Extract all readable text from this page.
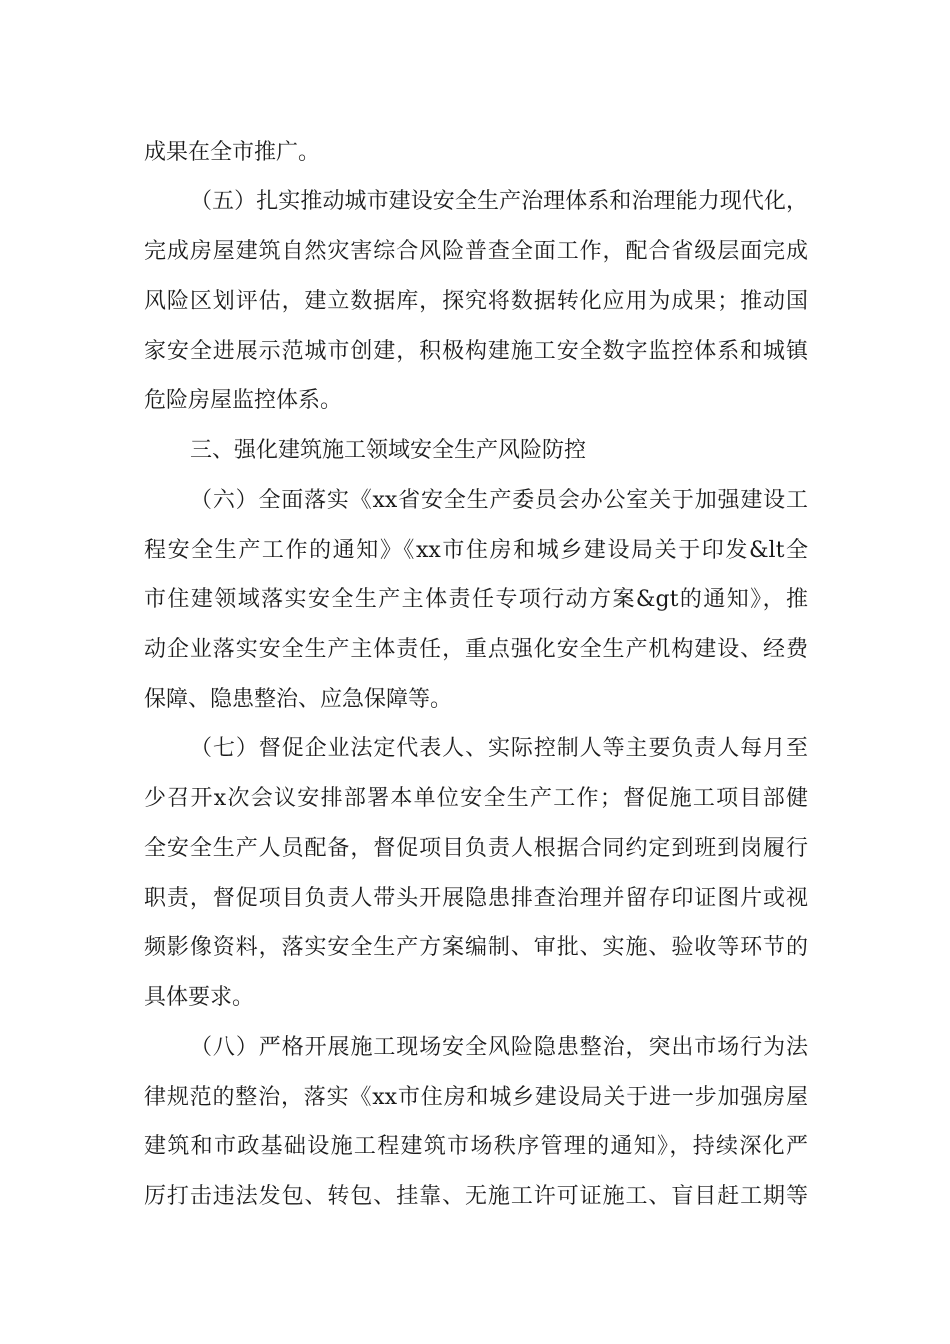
成果在全市推广。
（五）扎实推动城市建设安全生产治理体系和治理能力现代化，
完成房屋建筑自然灾害综合风险普查全面工作，配合省级层面完成
风险区划评估，建立数据库，探究将数据转化应用为成果；推动国
家安全进展示范城市创建，积极构建施工安全数字监控体系和城镇
危险房屋监控体系。
三、强化建筑施工领域安全生产风险防控
（六）全面落实《xx省安全生产委员会办公室关于加强建设工
程安全生产工作的通知》《xx市住房和城乡建设局关于印发&lt全
市住建领域落实安全生产主体责任专项行动方案&gt的通知》，推
动企业落实安全生产主体责任，重点强化安全生产机构建设、经费
保障、隐患整治、应急保障等。
（七）督促企业法定代表人、实际控制人等主要负责人每月至
少召开x次会议安排部署本单位安全生产工作；督促施工项目部健
全安全生产人员配备，督促项目负责人根据合同约定到班到岗履行
职责，督促项目负责人带头开展隐患排查治理并留存印证图片或视
频影像资料，落实安全生产方案编制、审批、实施、验收等环节的
具体要求。
（八）严格开展施工现场安全风险隐患整治，突出市场行为法
律规范的整治，落实《xx市住房和城乡建设局关于进一步加强房屋
建筑和市政基础设施工程建筑市场秩序管理的通知》，持续深化严
厉打击违法发包、转包、挂靠、无施工许可证施工、盲目赶工期等
